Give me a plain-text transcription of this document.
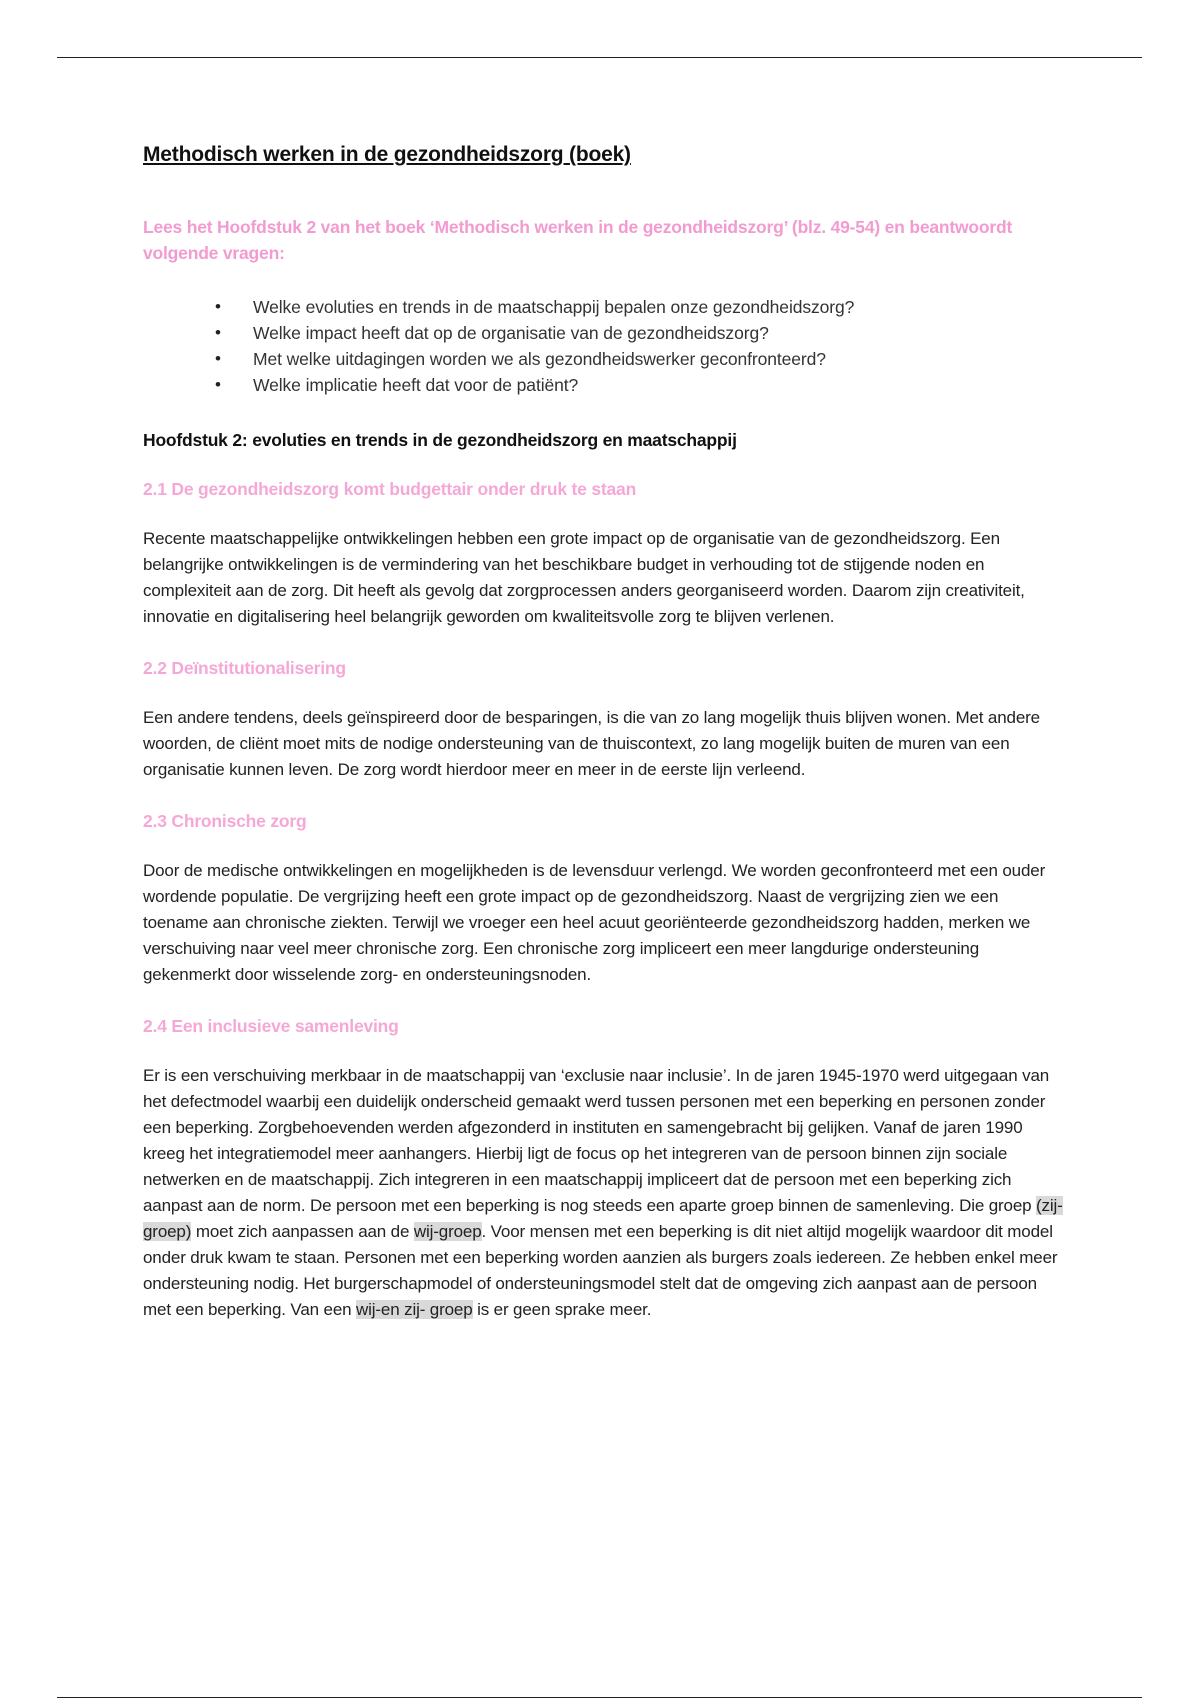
Methodisch werken in de gezondheidszorg (boek)

Lees het Hoofdstuk 2 van het boek ‘Methodisch werken in de gezondheidszorg’ (blz. 49-54) en beantwoordt volgende vragen:

• Welke evoluties en trends in de maatschappij bepalen onze gezondheidszorg?
• Welke impact heeft dat op de organisatie van de gezondheidszorg?
• Met welke uitdagingen worden we als gezondheidswerker geconfronteerd?
• Welke implicatie heeft dat voor de patiënt?

Hoofdstuk 2: evoluties en trends in de gezondheidszorg en maatschappij

2.1 De gezondheidszorg komt budgettair onder druk te staan

Recente maatschappelijke ontwikkelingen hebben een grote impact op de organisatie van de gezondheidszorg. Een belangrijke ontwikkelingen is de vermindering van het beschikbare budget in verhouding tot de stijgende noden en complexiteit aan de zorg. Dit heeft als gevolg dat zorgprocessen anders georganiseerd worden. Daarom zijn creativiteit, innovatie en digitalisering heel belangrijk geworden om kwaliteitsvolle zorg te blijven verlenen.

2.2 Deïnstitutionalisering

Een andere tendens, deels geïnspireerd door de besparingen, is die van zo lang mogelijk thuis blijven wonen. Met andere woorden, de cliënt moet mits de nodige ondersteuning van de thuiscontext, zo lang mogelijk buiten de muren van een organisatie kunnen leven. De zorg wordt hierdoor meer en meer in de eerste lijn verleend.

2.3 Chronische zorg

Door de medische ontwikkelingen en mogelijkheden is de levensduur verlengd. We worden geconfronteerd met een ouder wordende populatie. De vergrijzing heeft een grote impact op de gezondheidszorg. Naast de vergrijzing zien we een toename aan chronische ziekten. Terwijl we vroeger een heel acuut georiënteerde gezondheidszorg hadden, merken we verschuiving naar veel meer chronische zorg. Een chronische zorg impliceert een meer langdurige ondersteuning gekenmerkt door wisselende zorg- en ondersteuningsnoden.

2.4 Een inclusieve samenleving

Er is een verschuiving merkbaar in de maatschappij van ‘exclusie naar inclusie’. In de jaren 1945-1970 werd uitgegaan van het defectmodel waarbij een duidelijk onderscheid gemaakt werd tussen personen met een beperking en personen zonder een beperking. Zorgbehoevenden werden afgezonderd in instituten en samengebracht bij gelijken. Vanaf de jaren 1990 kreeg het integratiemodel meer aanhangers. Hierbij ligt de focus op het integreren van de persoon binnen zijn sociale netwerken en de maatschappij. Zich integreren in een maatschappij impliceert dat de persoon met een beperking zich aanpast aan de norm. De persoon met een beperking is nog steeds een aparte groep binnen de samenleving. Die groep (zij-groep) moet zich aanpassen aan de wij-groep. Voor mensen met een beperking is dit niet altijd mogelijk waardoor dit model onder druk kwam te staan. Personen met een beperking worden aanzien als burgers zoals iedereen. Ze hebben enkel meer ondersteuning nodig. Het burgerschapmodel of ondersteuningsmodel stelt dat de omgeving zich aanpast aan de persoon met een beperking. Van een wij-en zij- groep is er geen sprake meer.
